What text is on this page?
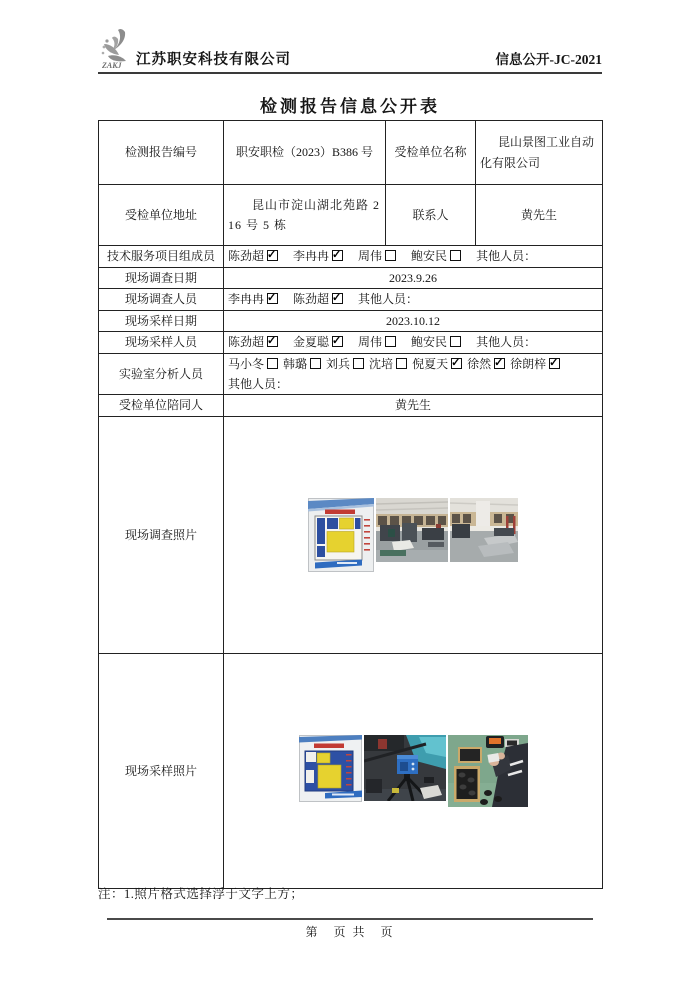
ZAKJ 江苏职安科技有限公司	信息公开-JC-2021
检测报告信息公开表
检测报告编号	职安职检（2023）B386 号	受检单位名称	昆山景图工业自动化有限公司
受检单位地址	昆山市淀山湖北苑路 216 号 5 栋	联系人	黄先生
技术服务项目组成员	陈劲超 ✓ 李冉冉 ✓ 周伟 鲍安民 其他人员：
现场调查日期	2023.9.26		
现场调查人员	李冉冉 ✓ 陈劲超 ✓ 其他人员：
现场采样日期	2023.10.12		
现场采样人员	陈劲超 ✓ 金夏聪 ✓ 周伟 鲍安民 其他人员：
实验室分析人员	马小冬 韩璐 刘兵 沈培 倪夏天 ✓ 徐然✓ 徐朗梓✓
其他人员：
受检单位陪同人	黄先生		
现场调查照片	

现场采样照片	
注：1.照片格式选择浮于文字上方；
第　页 共　页
